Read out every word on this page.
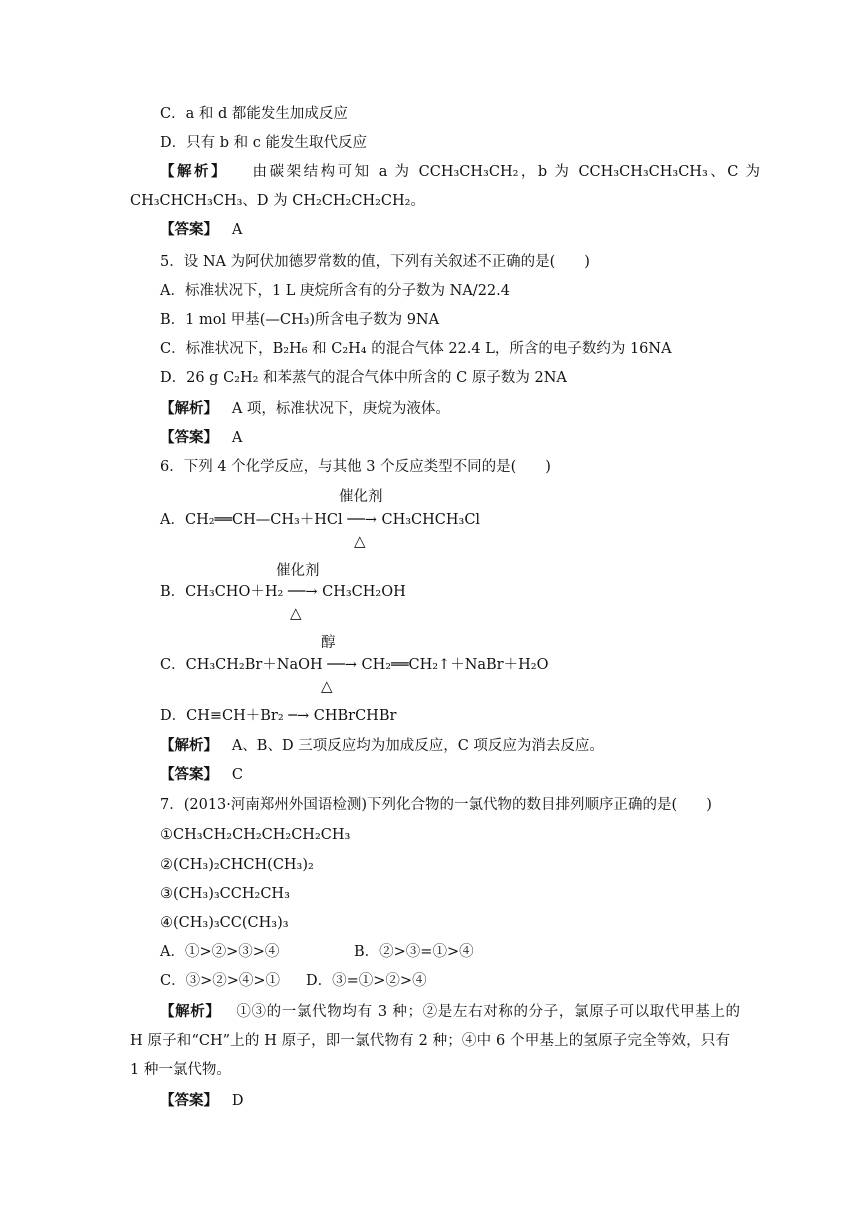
C．a 和 d 都能发生加成反应
D．只有 b 和 c 能发生取代反应
【解析】 由碳架结构可知 a 为 CCH₃CH₃CH₂，b 为 CCH₃CH₃CH₃CH₃、C 为
CH₃CHCH₃CH₃、D 为 CH₂CH₂CH₂CH₂。
【答案】 A
5．设 NA 为阿伏加德罗常数的值，下列有关叙述不正确的是(　　)
A．标准状况下，1 L 庚烷所含有的分子数为 NA/22.4
B．1 mol 甲基(—CH₃)所含电子数为 9NA
C．标准状况下，B₂H₆ 和 C₂H₄ 的混合气体 22.4 L，所含的电子数约为 16NA
D．26 g C₂H₂ 和苯蒸气的混合气体中所含的 C 原子数为 2NA
【解析】 A 项，标准状况下，庚烷为液体。
【答案】 A
6．下列 4 个化学反应，与其他 3 个反应类型不同的是(　　)
催化剂
A．CH₂══CH—CH₃＋HCl ──→ CH₃CHCH₃Cl
△
催化剂
B．CH₃CHO＋H₂ ──→ CH₃CH₂OH
△
醇
C．CH₃CH₂Br＋NaOH ──→ CH₂══CH₂↑＋NaBr＋H₂O
△
D．CH≡CH＋Br₂ ─→ CHBrCHBr
【解析】 A、B、D 三项反应均为加成反应，C 项反应为消去反应。
【答案】 C
7．(2013·河南郑州外国语检测)下列化合物的一氯代物的数目排列顺序正确的是(　　)
①CH₃CH₂CH₂CH₂CH₂CH₃
②(CH₃)₂CHCH(CH₃)₂
③(CH₃)₃CCH₂CH₃
④(CH₃)₃CC(CH₃)₃
A．①>②>③>④	B．②>③=①>④
C．③>②>④>① D．③=①>②>④
【解析】 ①③的一氯代物均有 3 种；②是左右对称的分子，氯原子可以取代甲基上的
H 原子和“CH”上的 H 原子，即一氯代物有 2 种；④中 6 个甲基上的氢原子完全等效，只有
1 种一氯代物。
【答案】 D
